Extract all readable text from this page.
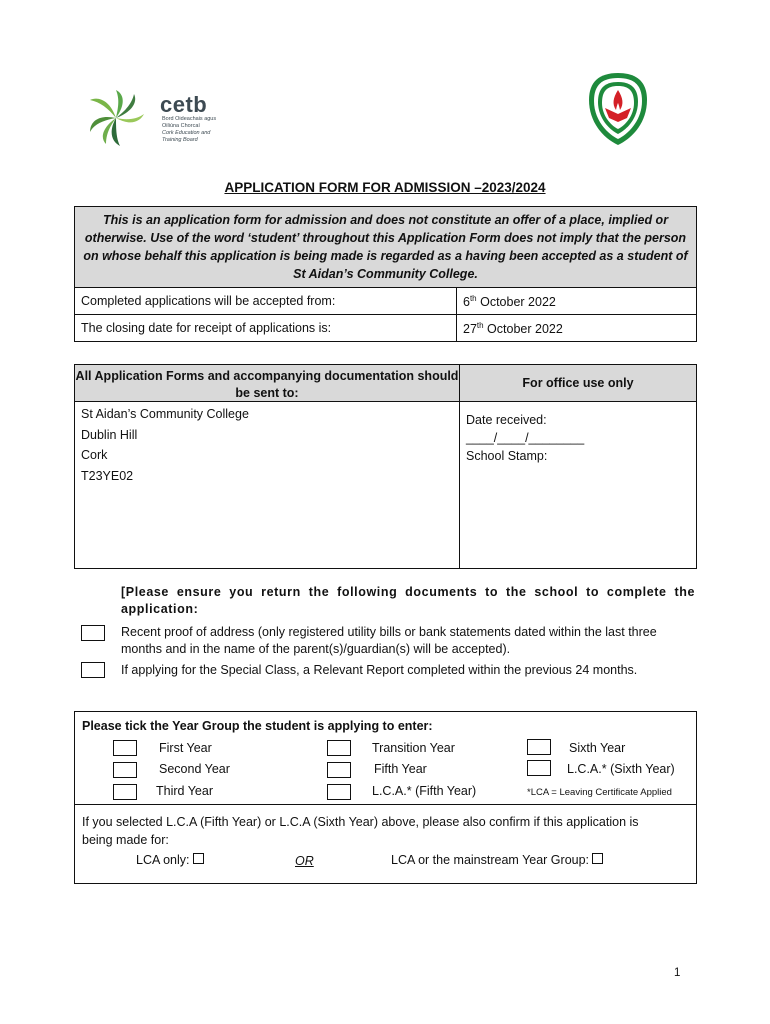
cetb
Bord Oideachais agus
Oiliúna Chorcaí
Cork Education and
Training Board
APPLICATION FORM FOR ADMISSION –2023/2024
This is an application form for admission and does not constitute an offer of a place, implied or otherwise. Use of the word ‘student’ throughout this Application Form does not imply that the person on whose behalf this application is being made is regarded as a having been accepted as a student of St Aidan’s Community College.
Completed applications will be accepted from:	6th October 2022
The closing date for receipt of applications is:	27th October 2022
All Application Forms and accompanying documentation should be sent to:
St Aidan’s Community College
Dublin Hill
Cork
T23YE02
For office use only
Date received:
____/____/________
School Stamp:
[Please ensure you return the following documents to the school to complete the application:
Recent proof of address (only registered utility bills or bank statements dated within the last three months and in the name of the parent(s)/guardian(s) will be accepted).
If applying for the Special Class, a Relevant Report completed within the previous 24 months.
Please tick the Year Group the student is applying to enter:
First Year
Second Year
Third Year
Transition Year
Fifth Year
L.C.A.* (Fifth Year)
Sixth Year
L.C.A.* (Sixth Year)
*LCA = Leaving Certificate Applied
If you selected L.C.A (Fifth Year) or L.C.A (Sixth Year) above, please also confirm if this application is being made for:
LCA only:	OR	LCA or the mainstream Year Group:
1
